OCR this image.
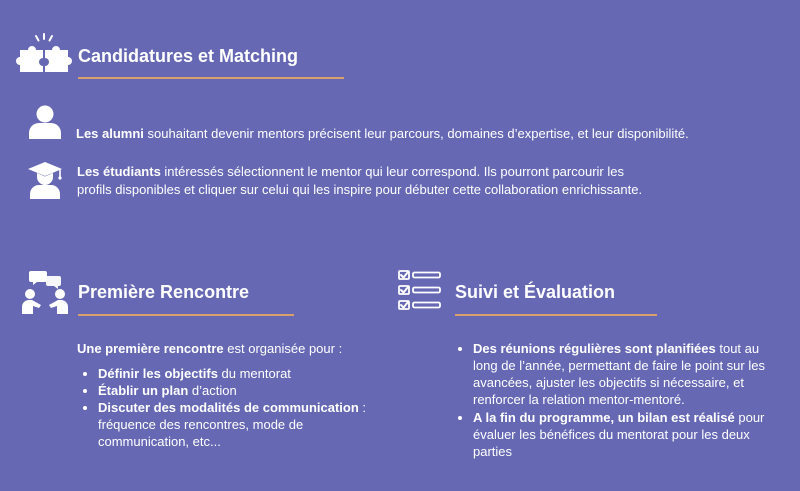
Candidatures et Matching
Les alumni souhaitant devenir mentors précisent leur parcours, domaines d’expertise, et leur disponibilité.
Les étudiants intéressés sélectionnent le mentor qui leur correspond. Ils pourront parcourir les
profils disponibles et cliquer sur celui qui les inspire pour débuter cette collaboration enrichissante.
Première Rencontre
Une première rencontre est organisée pour :
• Définir les objectifs du mentorat
• Établir un plan d’action
• Discuter des modalités de communication : fréquence des rencontres, mode de communication, etc...
Suivi et Évaluation
• Des réunions régulières sont planifiées tout au long de l’année, permettant de faire le point sur les avancées, ajuster les objectifs si nécessaire, et renforcer la relation mentor-mentoré.
• A la fin du programme, un bilan est réalisé pour évaluer les bénéfices du mentorat pour les deux parties
